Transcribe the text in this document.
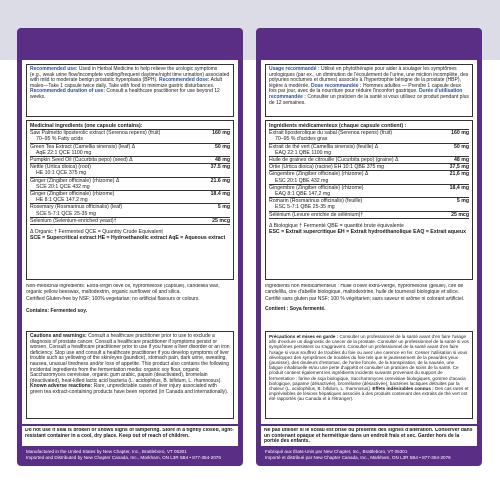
Recommended use: Used in Herbal Medicine to help relieve the urologic symptoms (e.g., weak urine flow/incomplete voiding/frequent daytime/night time urination) associated with mild to moderate benign prostatic hyperplasia (BPH). Recommended dose: Adult males—Take 1 capsule twice daily. Take with food to minimize gastric disturbances. Recommended duration of use: Consult a healthcare practitioner for use beyond 12 weeks.
Medicinal ingredients (one capsule contains):
Saw Palmetto liposterolic extract (Serenoa repens) (fruit)
70–95 % Fatty acids
160 mg
Green Tea Extract (Camellia sinensis) (leaf) Δ
AqE 22:1 QCE 1100 mg
50 mg
Pumpkin Seed Oil (Cucurbita pepo) (seed) Δ	48 mg
Nettle (Urtica dioica) (root)
HE 10:1 QCE 375 mg
37.5 mg
Ginger (Zingiber officinale) (rhizome) Δ
SCE 20:1 QCE 432 mg
21.6 mg
Ginger (Zingiber officinale) (rhizome)
HE 8:1 QCE 147.2 mg
18.4 mg
Rosemary (Rosmarinus officinalis) (leaf)
SCE 5-7:1 QCE 25-35 mg
5 mg
Selenium (Selenium-enriched yeast)†	25 mcg
Δ Organic † Fermented QCE = Quantity Crude Equivalent
SCE = Supercritical extract HE = Hydroethanolic extract AqE = Aqueous extract
Non-medicinal ingredients: Extra-virgin olive oil, hypromellose (capsule), candelilla wax, organic yellow beeswax, maltodextrin, organic sunflower oil and silica.
Certified Gluten-free by NSF; 100% vegetarian; no artificial flavours or colours.
Contains: Fermented soy.
Cautions and warnings: Consult a healthcare practitioner prior to use to exclude a diagnosis of prostate cancer. Consult a healthcare practitioner if symptoms persist or worsen. Consult a healthcare practitioner prior to use if you have a liver disorder or an iron deficiency. Stop use and consult a healthcare practitioner if you develop symptoms of liver trouble such as yellowing of the skin/eyes (jaundice), stomach pain, dark urine, sweating, nausea, unusual tiredness and/or loss of appetite. This product also contains the following incidental ingredients from the fermentation media: organic soy flour, organic Saccharomyces cerevisiae, organic gum arabic, papain (deactivated), bromelain (deactivated), heat-killed lactic acid bacteria (L. acidophilus, B. bifidum, L. rhamnosus). Known adverse reactions: Rare, unpredictable cases of liver injury associated with green tea extract-containing products have been reported (in Canada and internationally).
Do not use if seal is broken or shows signs of tampering. Store in a tightly closed, light-resistant container in a cool, dry place. Keep out of reach of children.
Manufactured in the United States by New Chapter, Inc., Brattleboro, VT 05301
Imported and Distributed by New Chapter Canada, Inc., Markham, ON L3R 5B4 • 877-354-2076
Usage recommandé : Utilisé en phytothérapie pour aider à soulager les symptômes urologiques (par ex., un diminution de l'écoulement de l'urine, une miction incomplète, des polyuries nocturnes et diurnes) associés à l'hypertrophie bénigne de la prostate (HBP), légère à modérée. Dose recommandée : Hommes adultes — Prendre 1 capsule deux fois par jour, avec de la nourriture pour réduire l'inconfort gastrique. Durée d'utilisation recommandée : Consulter un praticien de la santé si vous utilisez ce produit pendant plus de 12 semaines.
Ingrédients médicamenteux (chaque capsule contient) :
Extrait liposterolique du sabal (Serenoa repens) (fruit)
70–95 % d'acides gras
160 mg
Extrait de thé vert (Camellia sinensis) (feuille) Δ
EAQ 22:1 QBE 1100 mg
50 mg
Huile de graines de citrouille (Cucurbita pepo) (graine) Δ	48 mg
Ortie (Urtica dioica) (racine) EH 10:1 QBE 375 mg	37,5 mg
Gingembre (Zingiber officinale) (rhizome) Δ
ESC 20:1 QBE 432 mg
21,6 mg
Gingembre (Zingiber officinale) (rhizome)
EAQ 8:1 QBE 147,2 mg
18,4 mg
Romarin (Rosmarinus officinalis) (feuille)
ESC 5-7:1 QBE 25-35 mg
5 mg
Sélénium (Levure enrichie de sélénium)†	25 mcg
Δ Biologique † Fermenté QBE = quantité brute équivalente
ESC = Extrait supercritique EH = Extrait hydroéthanolique EAQ = Extrait aqueux
Ingrédients non médicamenteux : Huile d'olive extra-vierge, hypromellose (gélule), cire de candelilla, cire d'abeille biologique, maltodextrine, huile de tournesol biologique et silice.
Certifié sans gluten par NSF; 100 % végétarien; sans saveur ni arôme ni colorant artificiel.
Contient : Soya fermenté.
Précautions et mises en garde : Consulter un professionnel de la santé avant d'en faire l'usage afin d'exclure un diagnostic de cancer de la prostate. Consulter un professionnel de la santé si vos symptômes persistent ou s'aggravent. Consulter un professionnel de la santé avant d'en faire l'usage si vous souffrez de troubles du foie ou avez une carence en fer. Cesser l'utilisation si vous développez des symptômes de troubles du foie tels que le jaunissement de la peau/des yeux (jaunisse), des douleurs d'estomac, de l'urine foncée, de la transpiration, de la nausée, une fatigue inhabituelle et/ou une perte d'appétit et consulter un praticien de soins de la santé. Ce produit contient également les ingrédients incidents suivants provenant du support de fermentation : farine de soja biologique, Saccharomyces cerevisiae biologiques, gomme d'acacia biologique, papaïne (désactivée), bromélaïne (désactivée), bactéries lactiques détruites par la chaleur (L. acidophilus, B. bifidum, L. rhamnosus). Effets indésirables connus : Des cas rares et imprévisibles de lésions hépatiques associés à des produits contenant des extraits de thé vert ont été rapportés (au Canada et à l'étranger).
Ne pas utiliser si le sceau est brisé ou présente des signes d'altération. Conserver dans un contenant opaque et hermétique dans un endroit frais et sec. Garder hors de la portée des enfants.
Fabriqué aux États-Unis par New Chapter, Inc., Brattleboro, VT 05301
Importé et distribué par New Chapter Canada, Inc., Markham, ON L3R 5B4 • 877-354-2076
